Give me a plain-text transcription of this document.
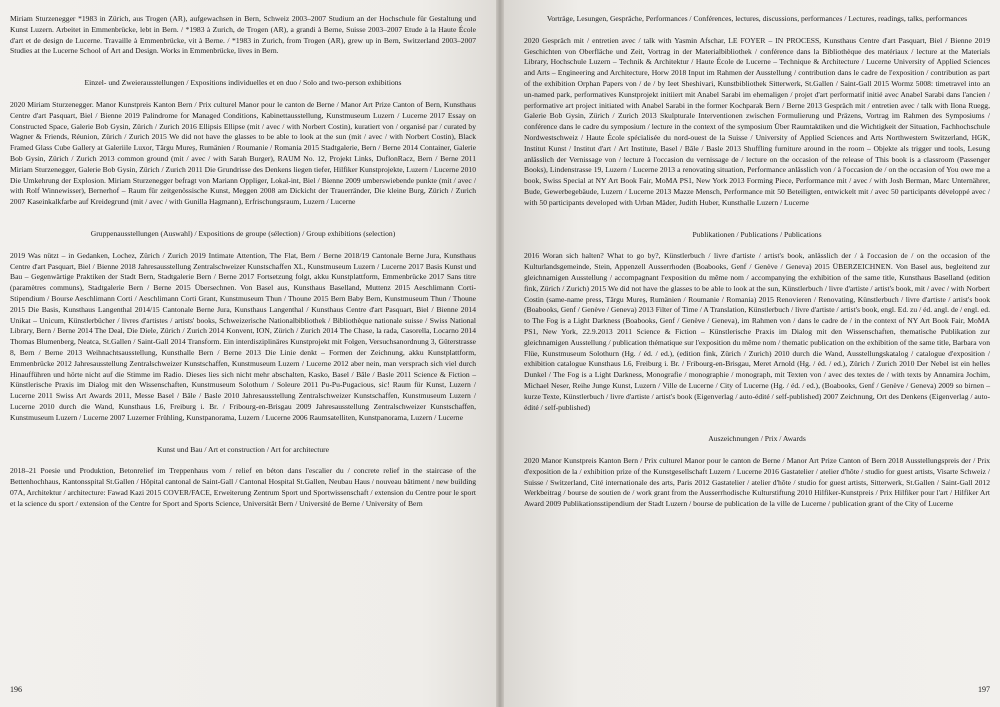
Miriam Sturzenegger *1983 in Zürich, aus Trogen (AR), aufgewachsen in Bern, Schweiz 2003–2007 Studium an der Hochschule für Gestaltung und Kunst Luzern. Arbeitet in Emmenbrücke, lebt in Bern. / *1983 à Zurich, de Trogen (AR), a grandi à Berne, Suisse 2003–2007 Etude à la Haute École d'art et de design de Lucerne. Travaille à Emmenbrücke, vit à Berne. / *1983 in Zurich, from Trogen (AR), grew up in Bern, Switzerland 2003–2007 Studies at the Lucerne School of Art and Design. Works in Emmenbrücke, lives in Bern.

Einzel- und Zweierausstellungen / Expositions individuelles et en duo / Solo and two-person exhibitions

2020 Miriam Sturzenegger. Manor Kunstpreis Kanton Bern / Prix culturel Manor pour le canton de Berne / Manor Art Prize Canton of Bern, Kunsthaus Centre d'art Pasquart, Biel / Bienne 2019 Palindrome for Managed Conditions, Kabinettausstellung, Kunstmuseum Luzern / Lucerne 2017 Essay on Constructed Space, Galerie Bob Gysin, Zürich / Zurich 2016 Ellipsis Ellipse (mit / avec / with Norbert Costin), kuratiert von / organisé par / curated by Wagner & Friends, Réunion, Zürich / Zurich 2015 We did not have the glasses to be able to look at the sun (mit / avec / with Norbert Costin), Black Framed Glass Cube Gallery at Galeriile Luxor, Târgu Mureș, Rumänien / Roumanie / Romania 2015 Stadtgalerie, Bern / Berne 2014 Container, Galerie Bob Gysin, Zürich / Zurich 2013 common ground (mit / avec / with Sarah Burger), RAUM No. 12, Projekt Links, DuflonRacz, Bern / Berne 2011 Miriam Sturzenegger, Galerie Bob Gysin, Zürich / Zurich 2011 Die Grundrisse des Denkens liegen tiefer, Hilfiker Kunstprojekte, Luzern / Lucerne 2010 Die Umkehrung der Explosion. Miriam Sturzenegger befragt von Mariann Oppliger, Lokal-int, Biel / Bienne 2009 umberswiebende punkte (mit / avec / with Rolf Winnewisser), Bernerhof – Raum für zeitgenössische Kunst, Meggen 2008 am Dickicht der Trauerränder, Die kleine Burg, Zürich / Zurich 2007 Kaseinkalkfarbe auf Kreidegrund (mit / avec / with Gunilla Hagmann), Erfrischungsraum, Luzern / Lucerne

Gruppenausstellungen (Auswahl) / Expositions de groupe (sélection) / Group exhibitions (selection)

2019 Was nützt – in Gedanken, Lochez, Zürich / Zurich 2019 Intimate Attention, The Flat, Bern / Berne 2018/19 Cantonale Berne Jura, Kunsthaus Centre d'art Pasquart, Biel / Bienne 2018 Jahresausstellung Zentralschweizer Kunstschaffen XL, Kunstmuseum Luzern / Lucerne 2017 Basis Kunst und Bau – Gegenwärtige Praktiken der Stadt Bern, Stadtgalerie Bern / Berne 2017 Fortsetzung folgt, akku Kunstplattform, Emmenbrücke 2017 Sans titre (paramètres communs), Stadtgalerie Bern / Berne 2015 Übersechnen. Von Basel aus, Kunsthaus Baselland, Muttenz 2015 Aeschlimann Corti-Stipendium / Bourse Aeschlimann Corti / Aeschlimann Corti Grant, Kunstmuseum Thun / Thoune 2015 Bern Baby Bern, Kunstmuseum Thun / Thoune 2015 Die Basis, Kunsthaus Langenthal 2014/15 Cantonale Berne Jura, Kunsthaus Langenthal / Kunsthaus Centre d'art Pasquart, Biel / Bienne 2014 Unikat – Unicum, Künstlerbücher / livres d'artistes / artists' books, Schweizerische Nationalbibliothek / Bibliothèque nationale suisse / Swiss National Library, Bern / Berne 2014 The Deal, Die Diele, Zürich / Zurich 2014 Konvent, ION, Zürich / Zurich 2014 The Chase, la rada, Casorella, Locarno 2014 Thomas Blumenberg, Neatca, St.Gallen / Saint-Gall 2014 Transform. Ein interdisziplinäres Kunstprojekt mit Folgen, Versuchsanordnung 3, Güterstrasse 8, Bern / Berne 2013 Weihnachtsausstellung, Kunsthalle Bern / Berne 2013 Die Linie denkt – Formen der Zeichnung, akku Kunstplattform, Emmenbrücke 2012 Jahresausstellung Zentralschweizer Kunstschaffen, Kunstmuseum Luzern / Lucerne 2012 aber nein, man versprach sich viel durch Hinaufführen und hörte nicht auf die Stimme im Radio. Dieses lies sich nicht mehr abschalten, Kasko, Basel / Bâle / Basle 2011 Science & Fiction – Künstlerische Praxis im Dialog mit den Wissenschaften, Kunstmuseum Solothurn / Soleure 2011 Pu-Pu-Pugacious, sic! Raum für Kunst, Luzern / Lucerne 2011 Swiss Art Awards 2011, Messe Basel / Bâle / Basle 2010 Jahresausstellung Zentralschweizer Kunstschaffen, Kunstmuseum Luzern / Lucerne 2010 durch die Wand, Kunsthaus L6, Freiburg i. Br. / Fribourg-en-Brisgau 2009 Jahresausstellung Zentralschweizer Kunstschaffen, Kunstmuseum Luzern / Lucerne 2007 Luzerner Frühling, Kunstpanorama, Luzern / Lucerne 2006 Raumsatelliten, Kunstpanorama, Luzern / Lucerne

Kunst und Bau / Art et construction / Art for architecture

2018–21 Poesie und Produktion, Betonrelief im Treppenhaus vom / relief en béton dans l'escalier du / concrete relief in the staircase of the Bettenhochhaus, Kantonsspital St.Gallen / Hôpital cantonal de Saint-Gall / Cantonal Hospital St.Gallen, Neubau Haus / nouveau bâtiment / new building 07A, Architektur / architecture: Fawad Kazi 2015 COVER/FACE, Erweiterung Zentrum Sport und Sportwissenschaft / extension du Centre pour le sport et la science du sport / extension of the Centre for Sport and Sports Science, Universität Bern / Université de Berne / University of Bern

196

Vorträge, Lesungen, Gespräche, Performances / Conférences, lectures, discussions, performances / Lectures, readings, talks, performances

2020 Gespräch mit / entretien avec / talk with Yasmin Afschar, LE FOYER – IN PROCESS, Kunsthaus Centre d'art Pasquart, Biel / Bienne 2019 Geschichten von Oberfläche und Zeit, Vortrag in der Materialbibliothek / conférence dans la Bibliothèque des matériaux / lecture at the Materials Library, Hochschule Luzern – Technik & Architektur / Haute École de Lucerne – Technique & Architecture / Lucerne University of Applied Sciences and Arts – Engineering and Architecture, Horw 2018 Input im Rahmen der Ausstellung / contribution dans le cadre de l'exposition / contribution as part of the exhibition Orphan Papers von / de / by Ieet Sheshivari, Kunstbibliothek Sitterwerk, St.Gallen / Saint-Gall 2015 Wormz 5008: timetravel into an un-named park, performatives Kunstprojekt initiiert mit Anabel Sarabi im ehemaligen / projet d'art performatif initié avec Anabel Sarabi dans l'ancien / performative art project initiated with Anabel Sarabi in the former Kochparak Bern / Berne 2013 Gespräch mit / entretien avec / talk with Ilona Ruegg, Galerie Bob Gysin, Zürich / Zurich 2013 Skulpturale Interventionen zwischen Formulierung und Präzens, Vortrag im Rahmen des Symposiums / conférence dans le cadre du symposium / lecture in the context of the symposium Über Raumtaktiken und die Wichtigkeit der Situation, Fachhochschule Nordwestschweiz / Haute École spécialisée du nord-ouest de la Suisse / University of Applied Sciences and Arts Northwestern Switzerland, HGK, Institut Kunst / Institut d'art / Art Institute, Basel / Bâle / Basle 2013 Shuffling furniture around in the room – Objekte als trigger und tools, Lesung anlässlich der Vernissage von / lecture à l'occasion du vernissage de / lecture on the occasion of the release of This book is a classroom (Passenger Books), Lindenstrasse 19, Luzern / Lucerne 2013 a renovating situation, Performance anlässlich von / à l'occasion de / on the occasion of You owe me a book, Swiss Special at NY Art Book Fair, MoMA PS1, New York 2013 Forming Piece, Performance mit / avec / with Josh Berman, Marc Unternährer, Bude, Gewerbegebäude, Luzern / Lucerne 2013 Mazze Mensch, Performance mit 50 Beteiligten, entwickelt mit / avec 50 participants développé avec / with 50 participants developed with Urban Mäder, Judith Huber, Kunsthalle Luzern / Lucerne

Publikationen / Publications / Publications

2016 Woran sich halten? What to go by?, Künstlerbuch / livre d'artiste / artist's book, anlässlich der / à l'occasion de / on the occasion of the Kulturlandsgemeinde, Stein, Appenzell Ausserrhoden (Boabooks, Genf / Genève / Geneva) 2015 ÜBERZEICHNEN. Von Basel aus, begleitend zur gleichnamigen Ausstellung / accompagnant l'exposition du même nom / accompanying the exhibition of the same title, Kunsthaus Baselland (edition fink, Zürich / Zurich) 2015 We did not have the glasses to be able to look at the sun, Künstlerbuch / livre d'artiste / artist's book, mit / avec / with Norbert Costin (same-name press, Târgu Mureș, Rumänien / Roumanie / Romania) 2015 Renovieren / Renovating, Künstlerbuch / livre d'artiste / artist's book (Boabooks, Genf / Genève / Geneva) 2013 Filter of Time / A Translation, Künstlerbuch / livre d'artiste / artist's book, engl. Ed. zu / éd. angl. de / engl. ed. to The Fog is a Light Darkness (Boabooks, Genf / Genève / Geneva), im Rahmen von / dans le cadre de / in the context of NY Art Book Fair, MoMA PS1, New York, 22.9.2013 2011 Science & Fiction – Künstlerische Praxis im Dialog mit den Wissenschaften, thematische Publikation zur gleichnamigen Ausstellung / publication thématique sur l'exposition du même nom / thematic publication on the exhibition of the same title, Barbara von Flüe, Kunstmuseum Solothurn (Hg. / éd. / ed.), (edition fink, Zürich / Zurich) 2010 durch die Wand, Ausstellungskatalog / catalogue d'exposition / exhibition catalogue Kunsthaus L6, Freiburg i. Br. / Fribourg-en-Brisgau, Meret Arnold (Hg. / éd. / ed.), Zürich / Zurich 2010 Der Nebel ist ein helles Dunkel / The Fog is a Light Darkness, Monografie / monographie / monograph, mit Texten von / avec des textes de / with texts by Annamira Jochim, Michael Neser, Reihe Junge Kunst, Luzern / Ville de Lucerne / City of Lucerne (Hg. / éd. / ed.), (Boabooks, Genf / Genève / Geneva) 2009 so birnen – kurze Texte, Künstlerbuch / livre d'artiste / artist's book (Eigenverlag / auto-édité / self-published) 2007 Zeichnung, Ort des Denkens (Eigenverlag / auto-édité / self-published)

Auszeichnungen / Prix / Awards

2020 Manor Kunstpreis Kanton Bern / Prix culturel Manor pour le canton de Berne / Manor Art Prize Canton of Bern 2018 Ausstellungspreis der / Prix d'exposition de la / exhibition prize of the Kunstgesellschaft Luzern / Lucerne 2016 Gastatelier / atelier d'hôte / studio for guest artists, Visarte Schweiz / Suisse / Switzerland, Cité internationale des arts, Paris 2012 Gastatelier / atelier d'hôte / studio for guest artists, Sitterwerk, St.Gallen / Saint-Gall 2012 Werkbeitrag / bourse de soutien de / work grant from the Ausserrhodische Kulturstiftung 2010 Hilfiker-Kunstpreis / Prix Hilfiker pour l'art / Hilfiker Art Award 2009 Publikationsstipendium der Stadt Luzern / bourse de publication de la ville de Lucerne / publication grant of the City of Lucerne

197
